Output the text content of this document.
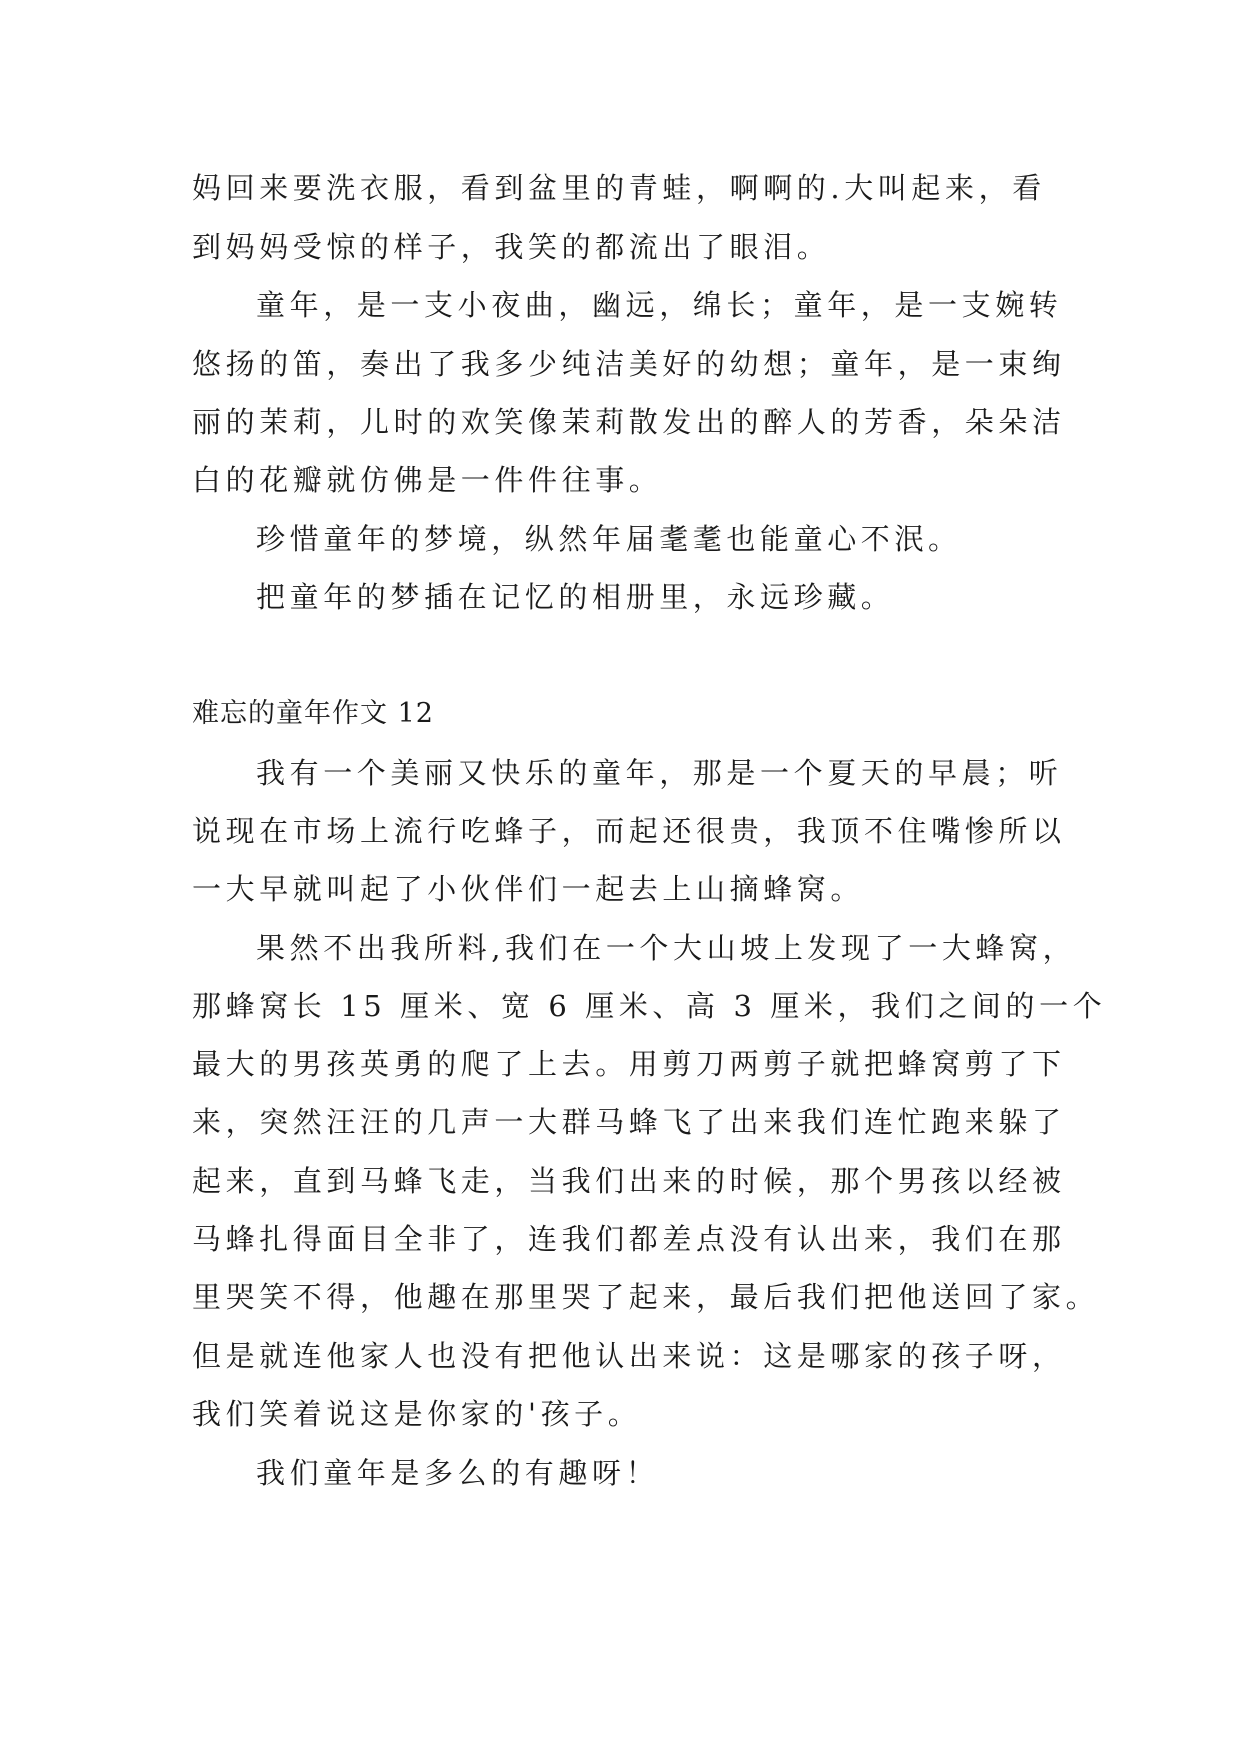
妈回来要洗衣服，看到盆里的青蛙，啊啊的.大叫起来，看
到妈妈受惊的样子，我笑的都流出了眼泪。
童年，是一支小夜曲，幽远，绵长；童年，是一支婉转
悠扬的笛，奏出了我多少纯洁美好的幼想；童年，是一束绚
丽的茉莉，儿时的欢笑像茉莉散发出的醉人的芳香，朵朵洁
白的花瓣就仿佛是一件件往事。
珍惜童年的梦境，纵然年届耄耄也能童心不泯。
把童年的梦插在记忆的相册里，永远珍藏。
难忘的童年作文 12
我有一个美丽又快乐的童年，那是一个夏天的早晨；听
说现在市场上流行吃蜂子，而起还很贵，我顶不住嘴惨所以
一大早就叫起了小伙伴们一起去上山摘蜂窝。
果然不出我所料,我们在一个大山坡上发现了一大蜂窝，
那蜂窝长 15 厘米、宽 6 厘米、高 3 厘米，我们之间的一个
最大的男孩英勇的爬了上去。用剪刀两剪子就把蜂窝剪了下
来，突然汪汪的几声一大群马蜂飞了出来我们连忙跑来躲了
起来，直到马蜂飞走，当我们出来的时候，那个男孩以经被
马蜂扎得面目全非了，连我们都差点没有认出来，我们在那
里哭笑不得，他趣在那里哭了起来，最后我们把他送回了家。
但是就连他家人也没有把他认出来说：这是哪家的孩子呀，
我们笑着说这是你家的'孩子。
我们童年是多么的有趣呀！
